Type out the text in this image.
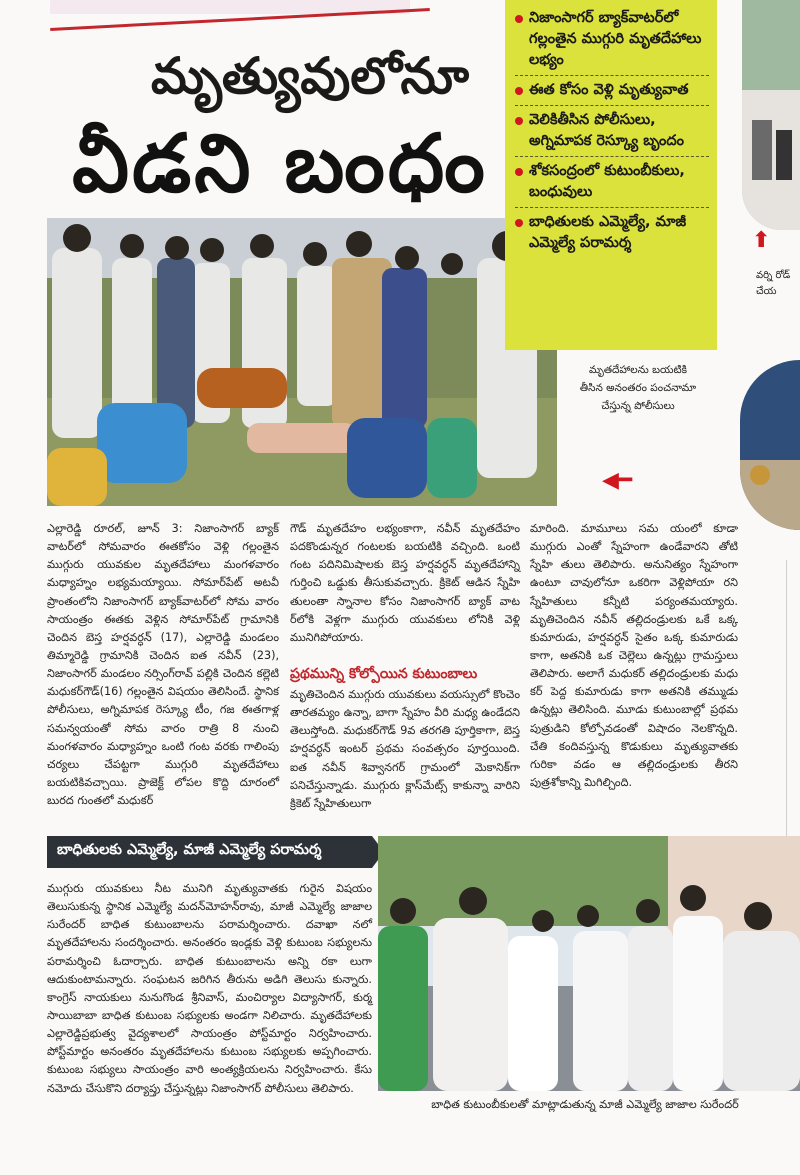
మృత్యువులోనూ
వీడని బంధం
నిజాంసాగర్ బ్యాక్‌వాటర్‌లో గల్లంతైన ముగ్గురి మృతదేహాలు లభ్యం
ఈత కోసం వెళ్లి మృత్యువాత
వెలికితీసిన పోలీసులు, అగ్నిమాపక రెస్క్యూ బృందం
శోకసంద్రంలో కుటుంబీకులు, బంధువులు
బాధితులకు ఎమ్మెల్యే, మాజీ ఎమ్మెల్యే పరామర్శ	⬆
వర్ని రోడ్ చేయ
మృతదేహాలను బయటికి తీసిన అనంతరం పంచనామా చేస్తున్న పోలీసులు
◀━
ఎల్లారెడ్డి రూరల్, జూన్ 3: నిజాంసాగర్ బ్యాక్ వాటర్‌లో సోమవారం ఈతకోసం వెళ్లి గల్లంతైన ముగ్గురు యువకుల మృతదేహాలు మంగళవారం మధ్యాహ్నం లభ్యమయ్యాయి. సోమార్‌పేట్ అటవీ ప్రాంతంలోని నిజాంసాగర్ బ్యాక్‌వాటర్‌లో సోమ వారం సాయంత్రం ఈతకు వెళ్లిన సోమార్‌పేట్ గ్రామానికి చెందిన బెస్త హర్షవర్ధన్ (17), ఎల్లారెడ్డి మండలం తిమ్మారెడ్డి గ్రామానికి చెందిన ఐత నవీన్ (23), నిజాంసాగర్ మండలం నర్సింగ్‌రావ్ పల్లికి చెందిన కల్లెటి మధుకర్‌గౌడ్(16) గల్లంతైన విషయం తెలిసిందే. స్థానిక పోలీసులు, అగ్నిమాపక రెస్క్యూ టీం, గజ ఈతగాళ్ల సమన్వయంతో సోమ వారం రాత్రి 8 నుంచి మంగళవారం మధ్యాహ్నం ఒంటి గంట వరకు గాలింపు చర్యలు చేపట్టగా ముగ్గురి మృతదేహాలు బయటికివచ్చాయి. ప్రాజెక్ట్ లోపల కొద్ది దూరంలో బురద గుంతలో మధుకర్
గౌడ్ మృతదేహం లభ్యంకాగా, నవీన్ మృతదేహం పదకొండున్నర గంటలకు బయటికి వచ్చింది. ఒంటి గంట పదినిమిషాలకు బెస్త హర్షవర్ధన్ మృతదేహాన్ని గుర్తించి ఒడ్డుకు తీసుకువచ్చారు. క్రికెట్ ఆడిన స్నేహి తులంతా స్నానాల కోసం నిజాంసాగర్ బ్యాక్ వాట ర్‌లోకి వెళ్లగా ముగ్గురు యువకులు లోనికి వెళ్లి మునిగిపోయారు.
ప్రథమున్ని కోల్పోయిన కుటుంబాలు
మృతిచెందిన ముగ్గురు యువకులు వయస్సులో కొంచెం తారతమ్యం ఉన్నా, బాగా స్నేహం వీరి మధ్య ఉండేదని తెలుస్తోంది. మధుకర్‌గౌడ్ 9వ తరగతి పూర్తికాగా, బెస్త హర్షవర్ధన్ ఇంటర్ ప్రథమ సంవత్సరం పూర్తయింది. ఐత నవీన్ శివ్వానగర్ గ్రామంలో మెకానిక్‌గా పనిచేస్తున్నాడు. ముగ్గురు క్లాస్‌మేట్స్ కాకున్నా వారిని క్రికెట్ స్నేహితులుగా
మారింది. మామూలు సమ యంలో కూడా ముగ్గురు ఎంతో స్నేహంగా ఉండేవారని తోటి స్నేహి తులు తెలిపారు. అనునిత్యం స్నేహంగా ఉంటూ చావులోనూ ఒకరిగా వెళ్లిపోయా రని స్నేహితులు కన్నీటి పర్యంతమయ్యారు. మృతిచెందిన నవీన్ తల్లిదండ్రులకు ఒకే ఒక్క కుమారుడు, హర్షవర్ధన్ సైతం ఒక్క కుమారుడు కాగా, అతనికి ఒక చెల్లెలు ఉన్నట్లు గ్రామస్తులు తెలిపారు. అలాగే మధుకర్ తల్లిదండ్రులకు మధు కర్ పెద్ద కుమారుడు కాగా అతనికి తమ్ముడు ఉన్నట్లు తెలిసింది. మూడు కుటుంబాల్లో ప్రథమ పుత్రుడిని కోల్పోవడంతో విషాదం నెలకొన్నది. చేతి కందివస్తున్న కొడుకులు మృత్యువాతకు గురికా వడం ఆ తల్లిదండ్రులకు తీరని పుత్రశోకాన్ని మిగిల్చింది.
బాధితులకు ఎమ్మెల్యే, మాజీ ఎమ్మెల్యే పరామర్శ
ముగ్గురు యువకులు నీట మునిగి మృత్యువాతకు గురైన విషయం తెలుసుకున్న స్థానిక ఎమ్మెల్యే మదన్‌మోహన్‌రావు, మాజీ ఎమ్మెల్యే జాజాల సురేందర్ బాధిత కుటుంబాలను పరామర్శించారు. దవాఖా నలో మృతదేహాలను సందర్శించారు. అనంతరం ఇండ్లకు వెళ్లి కుటుంబ సభ్యులను పరామర్శించి ఓదార్చారు. బాధిత కుటుంబాలను అన్ని రకా లుగా ఆదుకుంటామన్నారు. సంఘటన జరిగిన తీరును అడిగి తెలుసు కున్నారు. కాంగ్రెస్ నాయకులు నునుగొండ శ్రీనివాస్, మంచిర్యాల విద్యాసాగర్, కుర్మ సాయిబాబా బాధిత కుటుంబ సభ్యులకు అండగా నిలిచారు. మృతదేహాలకు ఎల్లారెడ్డిప్రభుత్వ వైద్యశాలలో సాయంత్రం పోస్ట్‌మార్టం నిర్వహించారు. పోస్ట్‌మార్టం అనంతరం మృతదేహాలను కుటుంబ సభ్యులకు అప్పగించారు. కుటుంబ సభ్యులు సాయంత్రం వారి అంత్యక్రియలను నిర్వహించారు. కేసు నమోదు చేసుకొని దర్యాప్తు చేస్తున్నట్లు నిజాంసాగర్ పోలీసులు తెలిపారు.
బాధిత కుటుంబీకులతో మాట్లాడుతున్న మాజీ ఎమ్మెల్యే జాజాల సురేందర్
